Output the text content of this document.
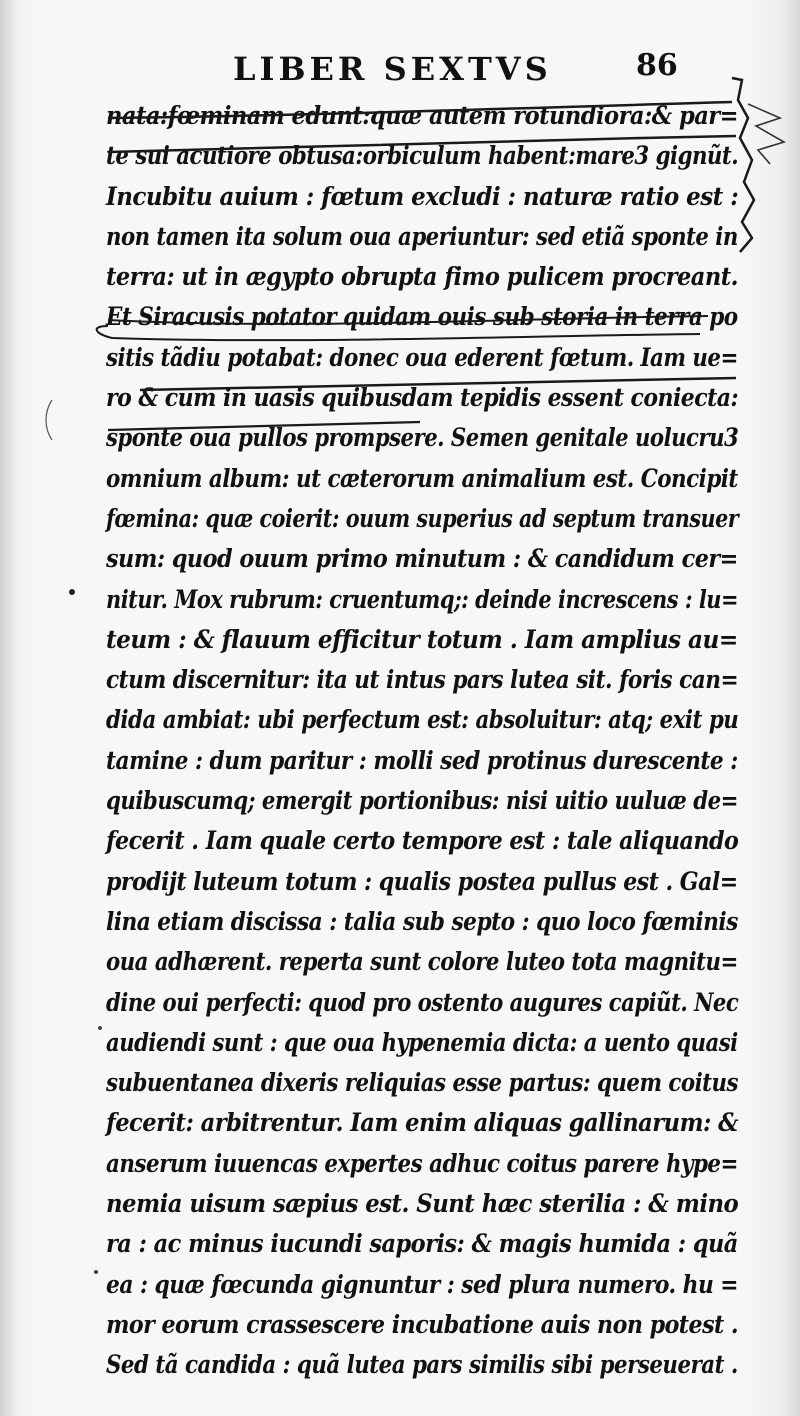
LIBER SEXTVS	86
nata:fœminam edunt:quæ autem rotundiora:& par=
te sui acutiore obtusa:orbiculum habent:mare3 gignũt.
Incubitu auium : fœtum excludi : naturæ ratio est :
non tamen ita solum oua aperiuntur: sed etiã sponte in
terra: ut in ægypto obrupta fimo pulicem procreant.
Et Siracusis potator quidam ouis sub storia in terra po
sitis tãdiu potabat: donec oua ederent fœtum. Iam ue=
ro & cum in uasis quibusdam tepidis essent coniecta:
sponte oua pullos prompsere. Semen genitale uolucru3
omnium album: ut cæterorum animalium est. Concipit
fœmina: quæ coierit: ouum superius ad septum transuer
sum: quod ouum primo minutum : & candidum cer=
nitur. Mox rubrum: cruentumq;: deinde increscens : lu=
teum : & flauum efficitur totum . Iam amplius au=
ctum discernitur: ita ut intus pars lutea sit. foris can=
dida ambiat: ubi perfectum est: absoluitur: atq; exit pu
tamine : dum paritur : molli sed protinus durescente :
quibuscumq; emergit portionibus: nisi uitio uuluæ de=
fecerit . Iam quale certo tempore est : tale aliquando
prodijt luteum totum : qualis postea pullus est . Gal=
lina etiam discissa : talia sub septo : quo loco fœminis
oua adhærent. reperta sunt colore luteo tota magnitu=
dine oui perfecti: quod pro ostento augures capiũt. Nec
audiendi sunt : que oua hypenemia dicta: a uento quasi
subuentanea dixeris reliquias esse partus: quem coitus
fecerit: arbitrentur. Iam enim aliquas gallinarum: &
anserum iuuencas expertes adhuc coitus parere hype=
nemia uisum sæpius est. Sunt hæc sterilia : & mino
ra : ac minus iucundi saporis: & magis humida : quã
ea : quæ fœcunda gignuntur : sed plura numero. hu =
mor eorum crassescere incubatione auis non potest .
Sed tã candida : quã lutea pars similis sibi perseuerat .
